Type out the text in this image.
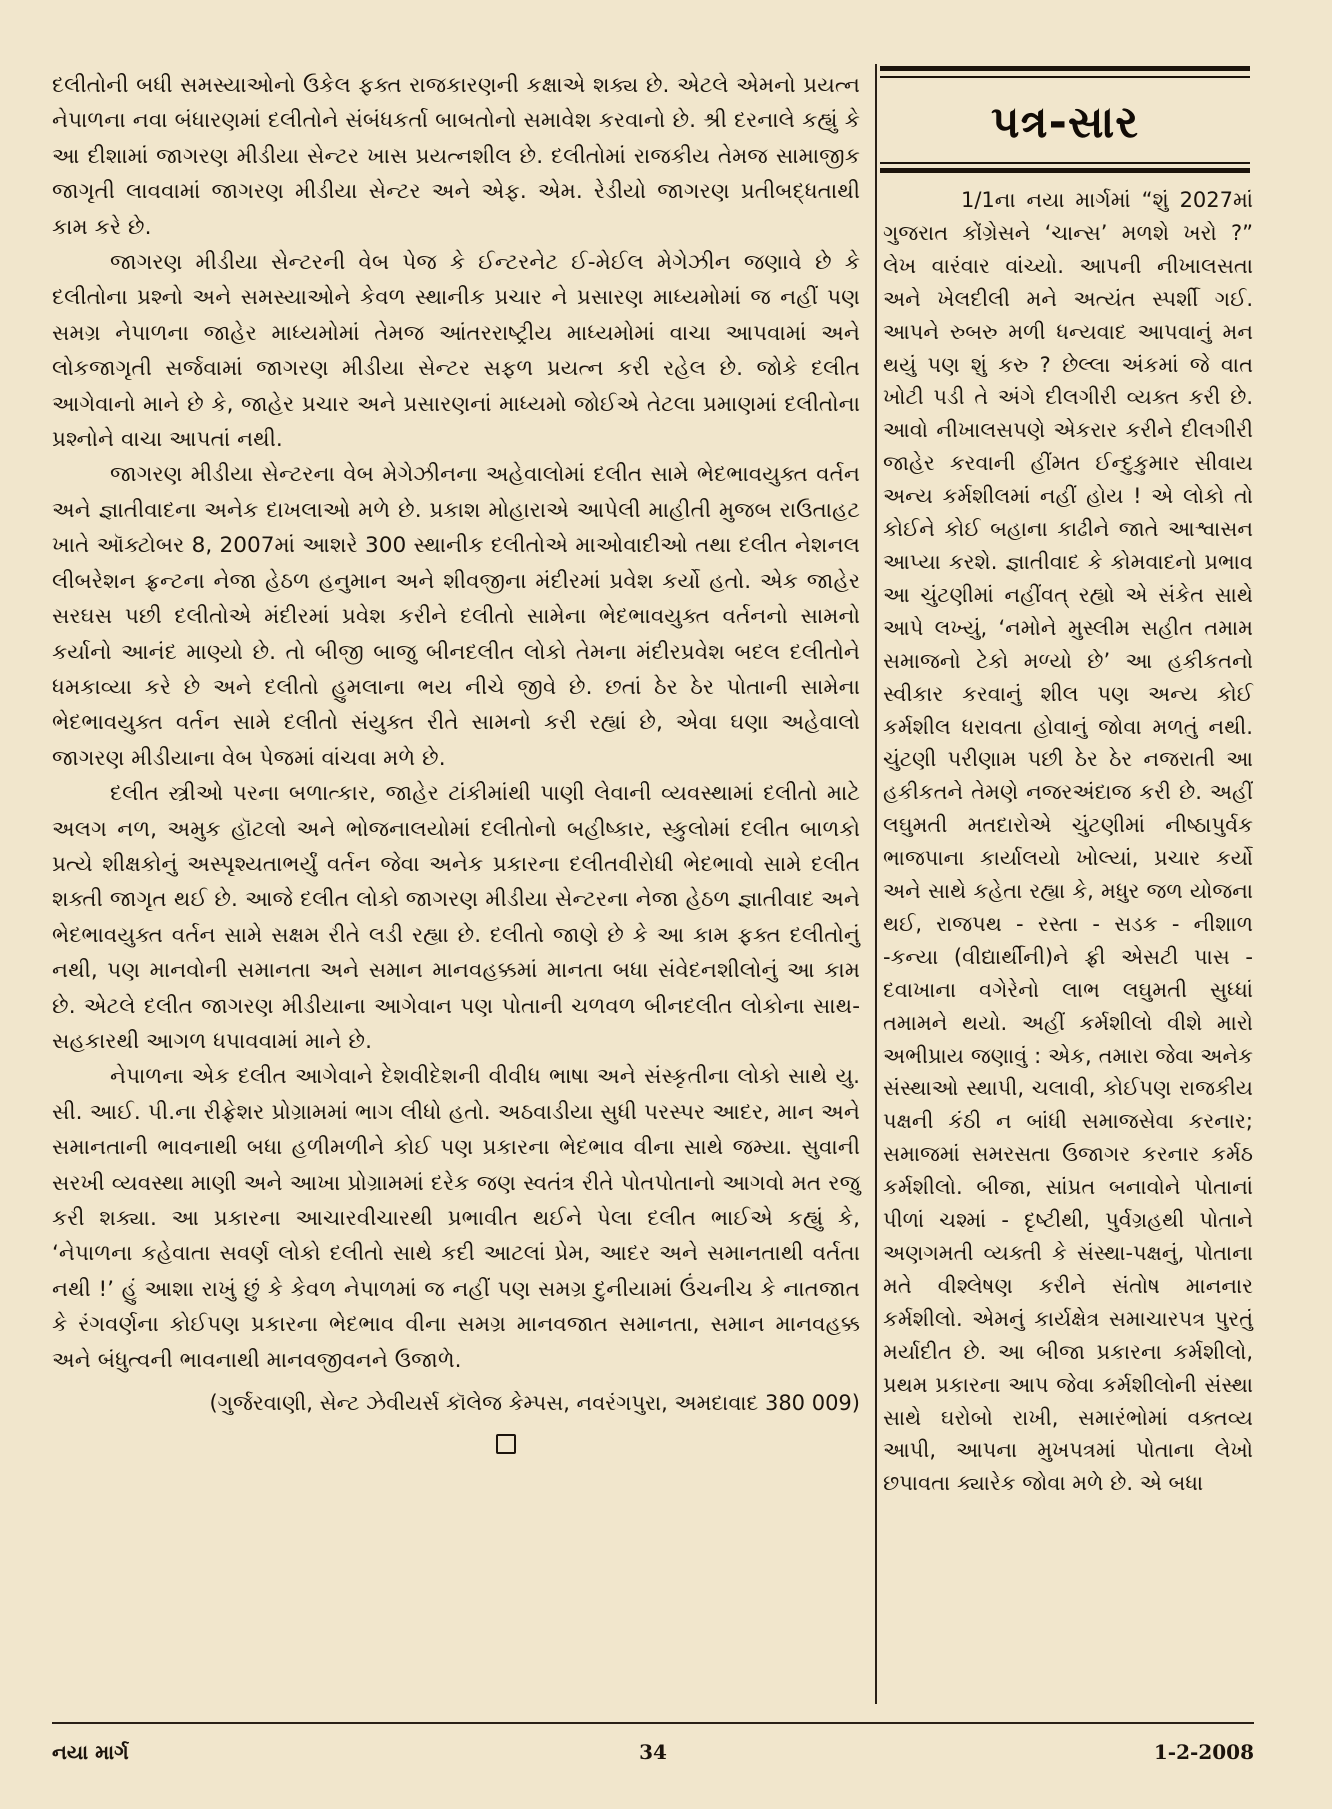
દલીતોની બધી સમસ્યાઓનો ઉકેલ ફક્ત રાજકારણની કક્ષાએ શક્ય છે. એટલે એમનો પ્રયત્ન નેપાળના નવા બંધારણમાં દલીતોને સંબંધકર્તા બાબતોનો સમાવેશ કરવાનો છે. શ્રી દરનાલે કહ્યું કે આ દીશામાં જાગરણ મીડીયા સેન્ટર ખાસ પ્રયત્નશીલ છે. દલીતોમાં રાજકીય તેમજ સામાજીક જાગૃતી લાવવામાં જાગરણ મીડીયા સેન્ટર અને એફ. એમ. રેડીયો જાગરણ પ્રતીબદ્ધતાથી કામ કરે છે.

જાગરણ મીડીયા સેન્ટરની વેબ પેજ કે ઈન્ટરનેટ ઈ-મેઈલ મેગેઝીન જણાવે છે કે દલીતોના પ્રશ્નો અને સમસ્યાઓને કેવળ સ્થાનીક પ્રચાર ને પ્રસારણ માધ્યમોમાં જ નહીં પણ સમગ્ર નેપાળના જાહેર માધ્યમોમાં તેમજ આંતરરાષ્ટ્રીય માધ્યમોમાં વાચા આપવામાં અને લોકજાગૃતી સર્જવામાં જાગરણ મીડીયા સેન્ટર સફળ પ્રયત્ન કરી રહેલ છે. જોકે દલીત આગેવાનો માને છે કે, જાહેર પ્રચાર અને પ્રસારણનાં માધ્યમો જોઈએ તેટલા પ્રમાણમાં દલીતોના પ્રશ્નોને વાચા આપતાં નથી.

જાગરણ મીડીયા સેન્ટરના વેબ મેગેઝીનના અહેવાલોમાં દલીત સામે ભેદભાવયુક્ત વર્તન અને જ્ઞાતીવાદના અનેક દાખલાઓ મળે છે. પ્રકાશ મોહારાએ આપેલી માહીતી મુજબ રાઉતાહટ ખાતે ઑક્ટોબર 8, 2007માં આશરે 300 સ્થાનીક દલીતોએ માઓવાદીઓ તથા દલીત નેશનલ લીબરેશન ફ્રન્ટના નેજા હેઠળ હનુમાન અને શીવજીના મંદીરમાં પ્રવેશ કર્યો હતો. એક જાહેર સરઘસ પછી દલીતોએ મંદીરમાં પ્રવેશ કરીને દલીતો સામેના ભેદભાવયુક્ત વર્તનનો સામનો કર્યાનો આનંદ માણ્યો છે. તો બીજી બાજુ બીનદલીત લોકો તેમના મંદીરપ્રવેશ બદલ દલીતોને ધમકાવ્યા કરે છે અને દલીતો હુમલાના ભય નીચે જીવે છે. છતાં ઠેર ઠેર પોતાની સામેના ભેદભાવયુક્ત વર્તન સામે દલીતો સંયુક્ત રીતે સામનો કરી રહ્યાં છે, એવા ઘણા અહેવાલો જાગરણ મીડીયાના વેબ પેજમાં વાંચવા મળે છે.

દલીત સ્ત્રીઓ પરના બળાત્કાર, જાહેર ટાંકીમાંથી પાણી લેવાની વ્યવસ્થામાં દલીતો માટે અલગ નળ, અમુક હૉટલો અને ભોજનાલયોમાં દલીતોનો બહીષ્કાર, સ્કુલોમાં દલીત બાળકો પ્રત્યે શીક્ષકોનું અસ્પૃશ્યતાભર્યું વર્તન જેવા અનેક પ્રકારના દલીતવીરોધી ભેદભાવો સામે દલીત શક્તી જાગૃત થઈ છે. આજે દલીત લોકો જાગરણ મીડીયા સેન્ટરના નેજા હેઠળ જ્ઞાતીવાદ અને ભેદભાવયુક્ત વર્તન સામે સક્ષમ રીતે લડી રહ્યા છે. દલીતો જાણે છે કે આ કામ ફક્ત દલીતોનું નથી, પણ માનવોની સમાનતા અને સમાન માનવહક્કમાં માનતા બધા સંવેદનશીલોનું આ કામ છે. એટલે દલીત જાગરણ મીડીયાના આગેવાન પણ પોતાની ચળવળ બીનદલીત લોકોના સાથ-સહકારથી આગળ ધપાવવામાં માને છે.

નેપાળના એક દલીત આગેવાને દેશવીદેશની વીવીધ ભાષા અને સંસ્કૃતીના લોકો સાથે યુ. સી. આઈ. પી.ના રીફ્રેશર પ્રોગ્રામમાં ભાગ લીધો હતો. અઠવાડીયા સુધી પરસ્પર આદર, માન અને સમાનતાની ભાવનાથી બધા હળીમળીને કોઈ પણ પ્રકારના ભેદભાવ વીના સાથે જમ્યા. સુવાની સરખી વ્યવસ્થા માણી અને આખા પ્રોગ્રામમાં દરેક જણ સ્વતંત્ર રીતે પોતપોતાનો આગવો મત રજુ કરી શક્યા. આ પ્રકારના આચારવીચારથી પ્રભાવીત થઈને પેલા દલીત ભાઈએ કહ્યું કે, ‘નેપાળના કહેવાતા સવર્ણ લોકો દલીતો સાથે કદી આટલાં પ્રેમ, આદર અને સમાનતાથી વર્તતા નથી !’ હું આશા રાખું છું કે કેવળ નેપાળમાં જ નહીં પણ સમગ્ર દુનીયામાં ઉંચનીચ કે નાતજાત કે રંગવર્ણના કોઈપણ પ્રકારના ભેદભાવ વીના સમગ્ર માનવજાત સમાનતા, સમાન માનવહક્ક અને બંધુત્વની ભાવનાથી માનવજીવનને ઉજાળે.

(ગુર્જરવાણી, સેન્ટ ઝેવીયર્સ કૉલેજ કેમ્પસ, નવરંગપુરા, અમદાવાદ 380 009)
પત્ર-સાર

1/1ના નયા માર્ગમાં “શું 2027માં ગુજરાત કોંગ્રેસને ‘ચાન્સ’ મળશે ખરો ?” લેખ વારંવાર વાંચ્યો. આપની નીખાલસતા અને ખેલદીલી મને અત્યંત સ્પર્શી ગઈ. આપને રુબરુ મળી ધન્યવાદ આપવાનું મન થયું પણ શું કરુ ? છેલ્લા અંકમાં જે વાત ખોટી પડી તે અંગે દીલગીરી વ્યક્ત કરી છે. આવો નીખાલસપણે એકરાર કરીને દીલગીરી જાહેર કરવાની હીંમત ઈન્દુકુમાર સીવાય અન્ય કર્મશીલમાં નહીં હોય ! એ લોકો તો કોઈને કોઈ બહાના કાઢીને જાતે આશ્વાસન આપ્યા કરશે. જ્ઞાતીવાદ કે કોમવાદનો પ્રભાવ આ ચુંટણીમાં નહીંવત્ રહ્યો એ સંકેત સાથે આપે લખ્યું, ‘નમોને મુસ્લીમ સહીત તમામ સમાજનો ટેકો મળ્યો છે’ આ હકીકતનો સ્વીકાર કરવાનું શીલ પણ અન્ય કોઈ કર્મશીલ ધરાવતા હોવાનું જોવા મળતું નથી. ચુંટણી પરીણામ પછી ઠેર ઠેર નજરાતી આ હકીકતને તેમણે નજરઅંદાજ કરી છે. અહીં લઘુમતી મતદારોએ ચુંટણીમાં નીષ્ઠાપુર્વક ભાજપાના કાર્યાલયો ખોલ્યાં, પ્રચાર કર્યો અને સાથે કહેતા રહ્યા કે, મધુર જળ યોજના થઈ, રાજપથ - રસ્તા - સડક - નીશાળ -કન્યા (વીદ્યાર્થીની)ને ફ્રી એસટી પાસ - દવાખાના વગેરેનો લાભ લઘુમતી સુધ્ધાં તમામને થયો. અહીં કર્મશીલો વીશે મારો અભીપ્રાય જણાવું : એક, તમારા જેવા અનેક સંસ્થાઓ સ્થાપી, ચલાવી, કોઈપણ રાજકીય પક્ષની કંઠી ન બાંધી સમાજસેવા કરનાર; સમાજમાં સમરસતા ઉજાગર કરનાર કર્મઠ કર્મશીલો. બીજા, સાંપ્રત બનાવોને પોતાનાં પીળાં ચશ્માં - દૃષ્ટીથી, પુર્વગ્રહથી પોતાને અણગમતી વ્યક્તી કે સંસ્થા-પક્ષનું, પોતાના મતે વીશ્લેષણ કરીને સંતોષ માનનાર કર્મશીલો. એમનું કાર્યક્ષેત્ર સમાચારપત્ર પુરતું મર્યાદીત છે. આ બીજા પ્રકારના કર્મશીલો, પ્રથમ પ્રકારના આપ જેવા કર્મશીલોની સંસ્થા સાથે ઘરોબો રાખી, સમારંભોમાં વક્તવ્ય આપી, આપના મુખપત્રમાં પોતાના લેખો છપાવતા ક્યારેક જોવા મળે છે. એ બધા

નયા માર્ગ	34	1-2-2008
